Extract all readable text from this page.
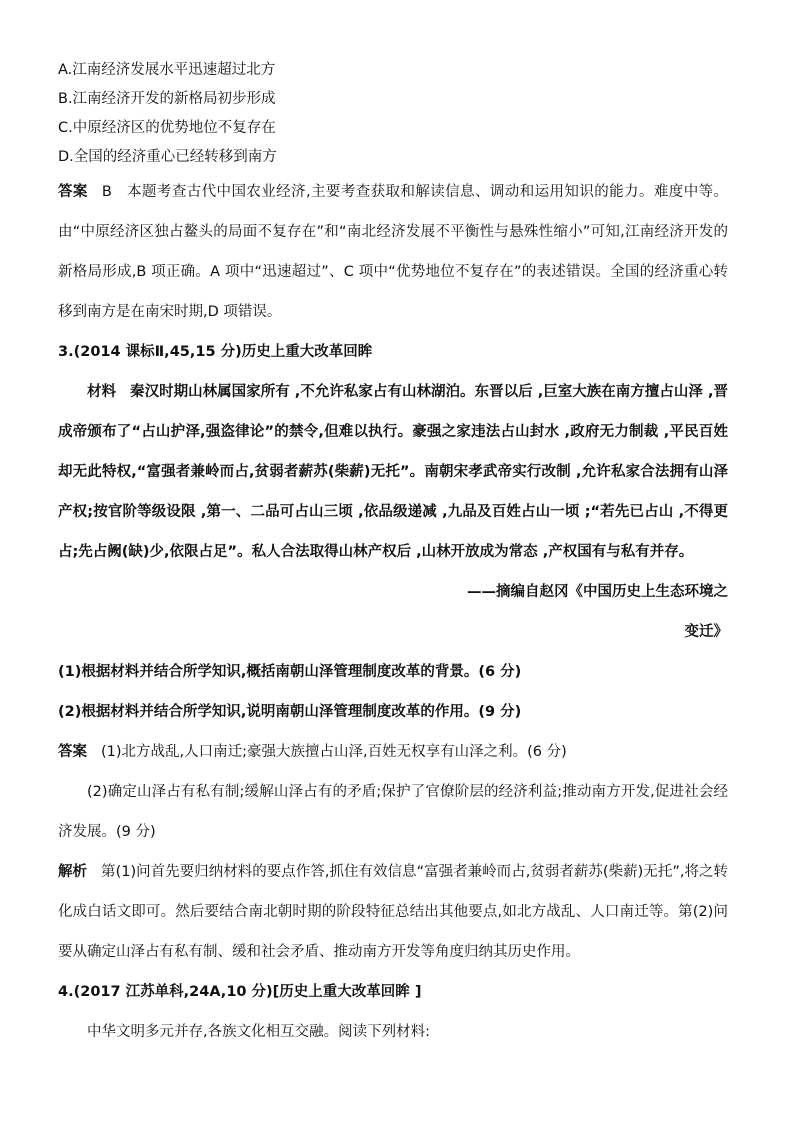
A.江南经济发展水平迅速超过北方
B.江南经济开发的新格局初步形成
C.中原经济区的优势地位不复存在
D.全国的经济重心已经转移到南方
答案 B　本题考查古代中国农业经济,主要考查获取和解读信息、调动和运用知识的能力。难度中等。由“中原经济区独占鳌头的局面不复存在”和“南北经济发展不平衡性与悬殊性缩小”可知,江南经济开发的新格局形成,B 项正确。A 项中“迅速超过”、C 项中“优势地位不复存在”的表述错误。全国的经济重心转移到南方是在南宋时期,D 项错误。
3.(2014 课标Ⅱ,45,15 分)历史上重大改革回眸
材料 秦汉时期山林属国家所有 ,不允许私家占有山林湖泊。东晋以后 ,巨室大族在南方擅占山泽 ,晋成帝颁布了“占山护泽,强盗律论”的禁令,但难以执行。豪强之家违法占山封水 ,政府无力制裁 ,平民百姓却无此特权,“富强者兼岭而占,贫弱者薪苏(柴薪)无托”。南朝宋孝武帝实行改制 ,允许私家合法拥有山泽产权;按官阶等级设限 ,第一、二品可占山三顷 ,依品级递减 ,九品及百姓占山一顷 ;“若先已占山 ,不得更占;先占阙(缺)少,依限占足”。私人合法取得山林产权后 ,山林开放成为常态 ,产权国有与私有并存。
——摘编自赵冈《中国历史上生态环境之
变迁》
(1)根据材料并结合所学知识,概括南朝山泽管理制度改革的背景。(6 分)
(2)根据材料并结合所学知识,说明南朝山泽管理制度改革的作用。(9 分)
答案 (1)北方战乱,人口南迁;豪强大族擅占山泽,百姓无权享有山泽之利。(6 分)
(2)确定山泽占有私有制;缓解山泽占有的矛盾;保护了官僚阶层的经济利益;推动南方开发,促进社会经济发展。(9 分)
解析 第(1)问首先要归纳材料的要点作答,抓住有效信息“富强者兼岭而占,贫弱者薪苏(柴薪)无托”,将之转化成白话文即可。然后要结合南北朝时期的阶段特征总结出其他要点,如北方战乱、人口南迁等。第(2)问要从确定山泽占有私有制、缓和社会矛盾、推动南方开发等角度归纳其历史作用。
4.(2017 江苏单科,24A,10 分)[历史上重大改革回眸 ]
中华文明多元并存,各族文化相互交融。阅读下列材料:
